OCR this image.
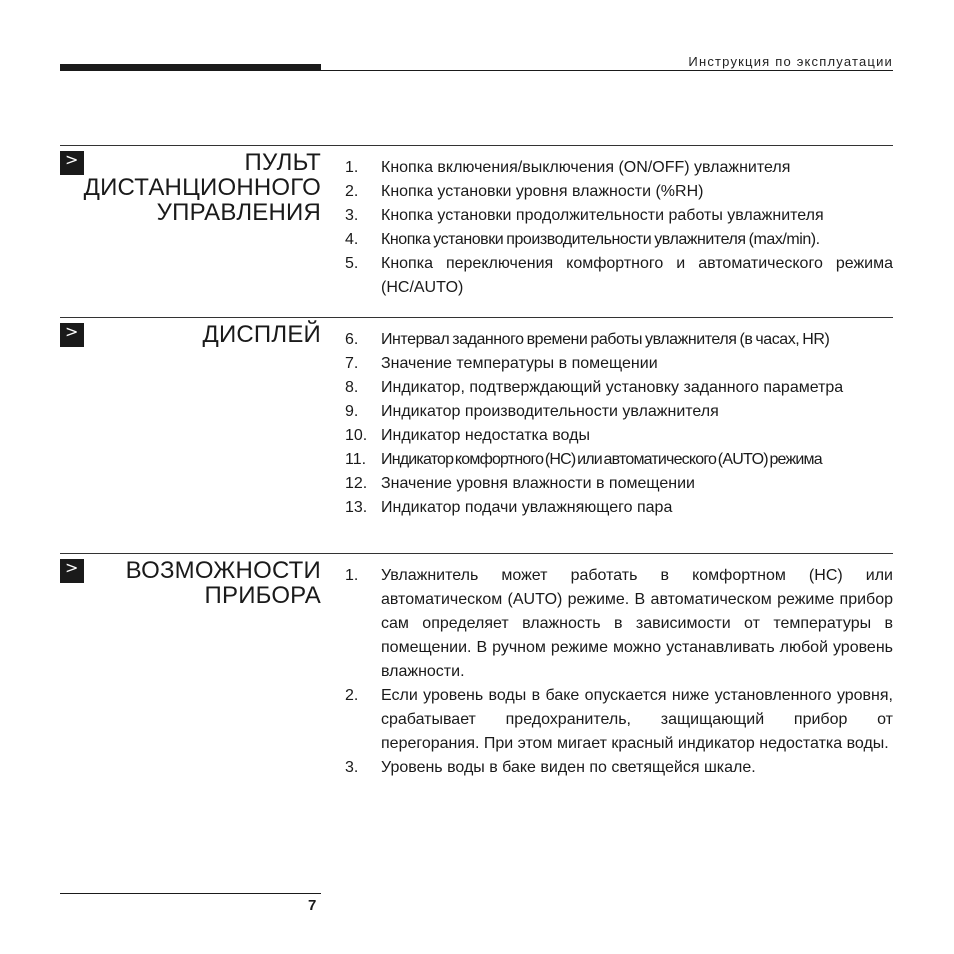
Инструкция по эксплуатации
>	ПУЛЬТ ДИСТАНЦИОННОГО УПРАВЛЕНИЯ
1. Кнопка включения/выключения (ON/OFF) увлажнителя
2. Кнопка установки уровня влажности (%RH)
3. Кнопка установки продолжительности работы увлажнителя
4. Кнопка установки производительности увлажнителя (max/min).
5. Кнопка переключения комфортного и автоматического режима (HC/AUTO)
>	ДИСПЛЕЙ 6. Интервал заданного времени работы увлажнителя (в часах, HR)
7. Значение температуры в помещении
8. Индикатор, подтверждающий установку заданного параметра
9. Индикатор производительности увлажнителя
10. Индикатор недостатка воды
11. Индикатор комфортного (HC) или автоматического (AUTO) режима
12. Значение уровня влажности в помещении
13. Индикатор подачи увлажняющего пара
>	ВОЗМОЖНОСТИ ПРИБОРА
1. Увлажнитель может работать в комфортном (HC) или автоматическом (AUTO) режиме. В автоматическом режиме прибор сам определяет влажность в зависимости от температуры в помещении. В ручном режиме можно устанавливать любой уровень влажности.
2. Если уровень воды в баке опускается ниже установленного уровня, срабатывает предохранитель, защищающий прибор от перегорания. При этом мигает красный индикатор недостатка воды.
3. Уровень воды в баке виден по светящейся шкале.
7
